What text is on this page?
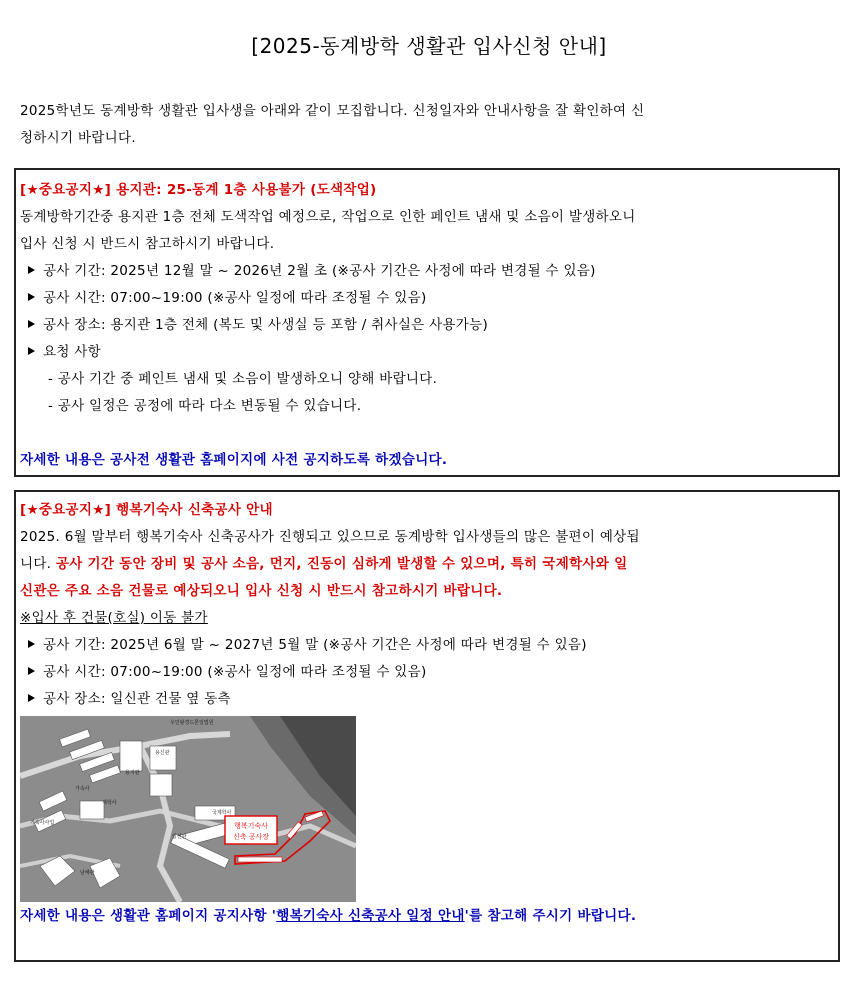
[2025-동계방학 생활관 입사신청 안내]
2025학년도 동계방학 생활관 입사생을 아래와 같이 모집합니다. 신청일자와 안내사항을 잘 확인하여 신
청하시기 바랍니다.
[★중요공지★] 용지관: 25-동계 1층 사용불가 (도색작업)
동계방학기간중 용지관 1층 전체 도색작업 예정으로, 작업으로 인한 페인트 냄새 및 소음이 발생하오니
입사 신청 시 반드시 참고하시기 바랍니다.
공사 기간: 2025년 12월 말 ~ 2026년 2월 초 (※공사 기간은 사정에 따라 변경될 수 있음)
공사 시간: 07:00~19:00 (※공사 일정에 따라 조정될 수 있음)
공사 장소: 용지관 1층 전체 (복도 및 사생실 등 포함 / 취사실은 사용가능)
요청 사항
- 공사 기간 중 페인트 냄새 및 소음이 발생하오니 양해 바랍니다.
- 공사 일정은 공정에 따라 다소 변동될 수 있습니다.

자세한 내용은 공사전 생활관 홈페이지에 사전 공지하도록 하겠습니다.
[★중요공지★] 행복기숙사 신축공사 안내
2025. 6월 말부터 행복기숙사 신축공사가 진행되고 있으므로 동계방학 입사생들의 많은 불편이 예상됩
니다. 공사 기간 동안 장비 및 공사 소음, 먼지, 진동이 심하게 발생할 수 있으며, 특히 국제학사와 일
신관은 주요 소음 건물로 예상되오니 입사 신청 시 반드시 참고하시기 바랍니다.
※입사 후 건물(호실) 이동 불가
공사 기간: 2025년 6월 말 ~ 2027년 5월 말 (※공사 기간은 사정에 따라 변경될 수 있음)
공사 시간: 07:00~19:00 (※공사 일정에 따라 조정될 수 있음)
공사 장소: 일신관 건물 옆 동측
행복기숙사
신축 공사장
우인왕경드론일법원
용신관
용지관
가속사
재학사
기숙사사업
국제학사
일신관
남해관
자세한 내용은 생활관 홈페이지 공지사항 '행복기숙사 신축공사 일정 안내'를 참고해 주시기 바랍니다.
